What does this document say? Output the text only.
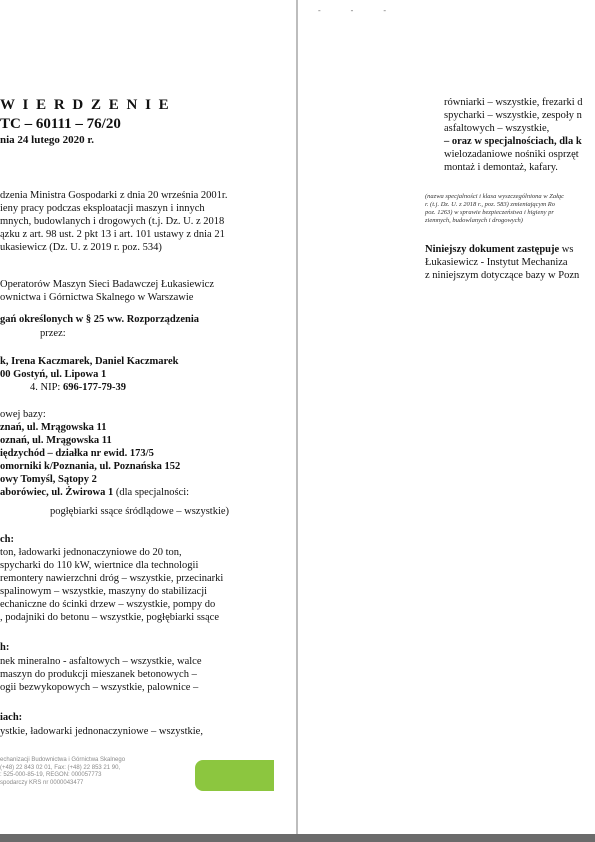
W I E R D Z E N I E
TC – 60111 – 76/20
nia 24 lutego 2020 r.
dzenia Ministra Gospodarki z dnia 20 września 2001r.
ieny pracy podczas eksploatacji maszyn i innych
mnych, budowlanych i drogowych (t.j. Dz. U. z 2018
ązku z art. 98 ust. 2 pkt 13 i art. 101 ustawy z dnia 21
ukasiewicz (Dz. U. z 2019 r. poz. 534)
Operatorów Maszyn Sieci Badawczej Łukasiewicz
ownictwa i Górnictwa Skalnego w Warszawie
gań określonych w § 25 ww. Rozporządzenia
przez:
k, Irena Kaczmarek, Daniel Kaczmarek
00 Gostyń, ul. Lipowa 1
4. NIP: 696-177-79-39
owej bazy:
znań, ul. Mrągowska 11
oznań, ul. Mrągowska 11
iędzychód – działka nr ewid. 173/5
omorniki k/Poznania, ul. Poznańska 152
owy Tomyśl, Sątopy 2
aborówiec, ul. Żwirowa 1 (dla specjalności:
pogłębiarki ssące śródlądowe – wszystkie)
ch:
ton, ładowarki jednonaczyniowe do 20 ton,
spycharki do 110 kW, wiertnice dla technologii
remontery nawierzchni dróg – wszystkie, przecinarki
spalinowym – wszystkie, maszyny do stabilizacji
echaniczne do ścinki drzew – wszystkie, pompy do
, podajniki do betonu – wszystkie, pogłębiarki ssące
h:
nek mineralno - asfaltowych – wszystkie, walce
maszyn do produkcji mieszanek betonowych –
ogii bezwykopowych – wszystkie, palownice –
iach:
ystkie, ładowarki jednonaczyniowe – wszystkie,
echanizacji Budownictwa i Górnictwa Skalnego
(+48) 22 843 02 01, Fax: (+48) 22 853 21 90,
: 525-000-85-19, REGON: 000057773
spodarczy KRS nr 0000043477
równiarki – wszystkie, frezarki d
spycharki – wszystkie, zespoły n
asfaltowych – wszystkie,
– oraz w specjalnościach, dla k
wielozadaniowe nośniki osprzęt
montaż i demontaż, kafary.
(nazwa specjalności i klasa wyszczególniona w Załąc
r. (t.j. Dz. U. z 2018 r., poz. 583) zmieniającym Ro
poz. 1263) w sprawie bezpieczeństwa i higieny pr
ziemnych, budowlanych i drogowych)
Niniejszy dokument zastępuje ws
Łukasiewicz - Instytut Mechaniza
z niniejszym dotyczące bazy w Pozn
- - -
